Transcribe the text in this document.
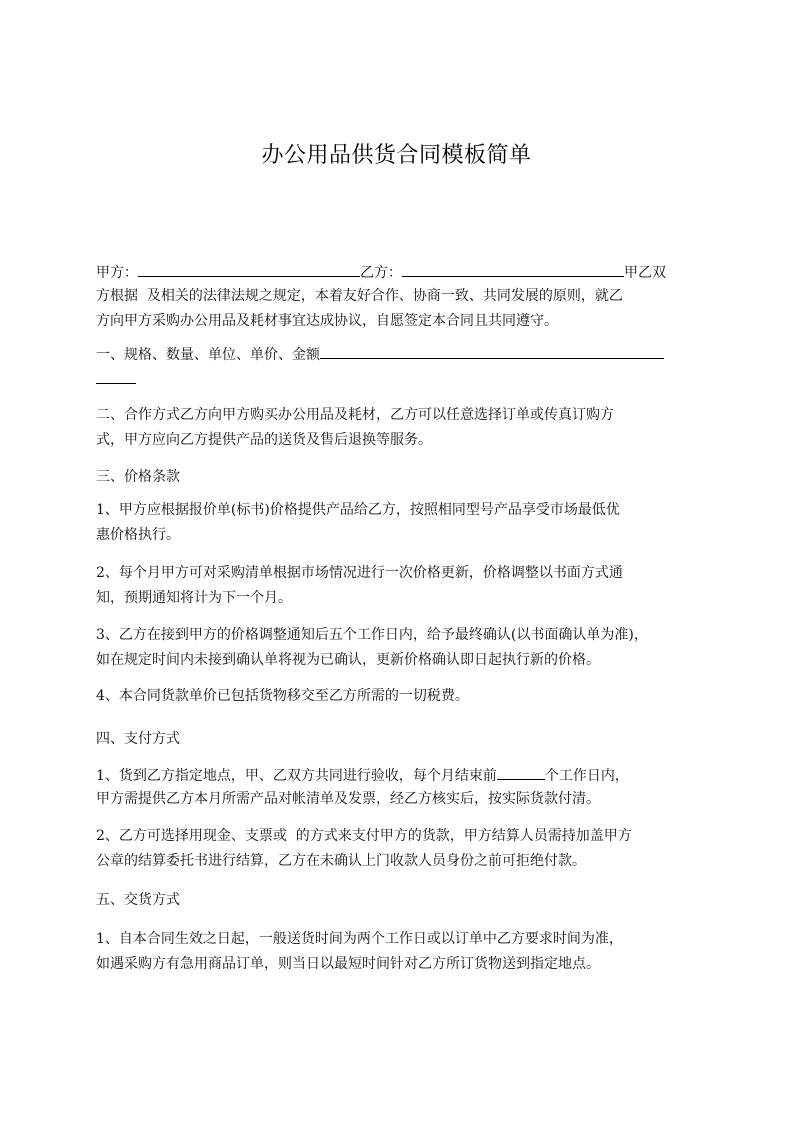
办公用品供货合同模板简单
甲方：	乙方：	甲乙双
方根据  及相关的法律法规之规定，本着友好合作、协商一致、共同发展的原则，就乙
方向甲方采购办公用品及耗材事宜达成协议，自愿签定本合同且共同遵守。
一、规格、数量、单位、单价、金额
二、合作方式乙方向甲方购买办公用品及耗材，乙方可以任意选择订单或传真订购方
式，甲方应向乙方提供产品的送货及售后退换等服务。
三、价格条款
1、甲方应根据报价单(标书)价格提供产品给乙方，按照相同型号产品享受市场最低优
惠价格执行。
2、每个月甲方可对采购清单根据市场情况进行一次价格更新，价格调整以书面方式通
知，预期通知将计为下一个月。
3、乙方在接到甲方的价格调整通知后五个工作日内，给予最终确认(以书面确认单为准)，
如在规定时间内未接到确认单将视为已确认，更新价格确认即日起执行新的价格。
4、本合同货款单价已包括货物移交至乙方所需的一切税费。
四、支付方式
1、货到乙方指定地点，甲、乙双方共同进行验收，每个月结束前	个工作日内，
甲方需提供乙方本月所需产品对帐清单及发票，经乙方核实后，按实际货款付清。
2、乙方可选择用现金、支票或  的方式来支付甲方的货款，甲方结算人员需持加盖甲方
公章的结算委托书进行结算，乙方在未确认上门收款人员身份之前可拒绝付款。
五、交货方式
1、自本合同生效之日起，一般送货时间为两个工作日或以订单中乙方要求时间为准，
如遇采购方有急用商品订单，则当日以最短时间针对乙方所订货物送到指定地点。
